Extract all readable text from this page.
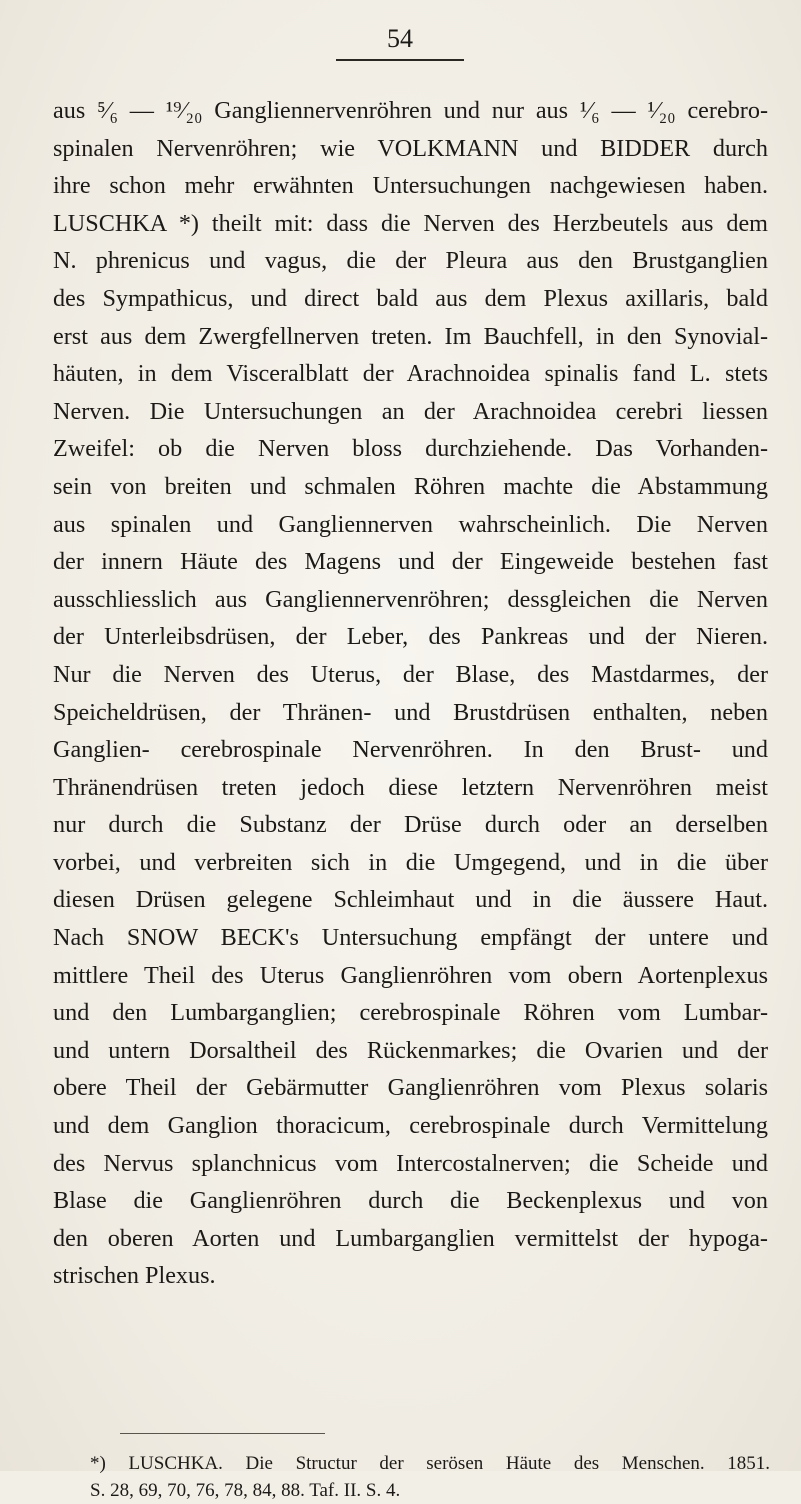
54
aus ⁵⁄₆ — ¹⁹⁄₂₀ Gangliennervenröhren und nur aus ¹⁄₆ — ¹⁄₂₀ cerebro-
spinalen Nervenröhren; wie VOLKMANN und BIDDER durch
ihre schon mehr erwähnten Untersuchungen nachgewiesen haben.
LUSCHKA *) theilt mit: dass die Nerven des Herzbeutels aus dem
N. phrenicus und vagus, die der Pleura aus den Brustganglien
des Sympathicus, und direct bald aus dem Plexus axillaris, bald
erst aus dem Zwergfellnerven treten. Im Bauchfell, in den Synovial-
häuten, in dem Visceralblatt der Arachnoidea spinalis fand L. stets
Nerven. Die Untersuchungen an der Arachnoidea cerebri liessen
Zweifel: ob die Nerven bloss durchziehende. Das Vorhanden-
sein von breiten und schmalen Röhren machte die Abstammung
aus spinalen und Gangliennerven wahrscheinlich. Die Nerven
der innern Häute des Magens und der Eingeweide bestehen fast
ausschliesslich aus Gangliennervenröhren; dessgleichen die Nerven
der Unterleibsdrüsen, der Leber, des Pankreas und der Nieren.
Nur die Nerven des Uterus, der Blase, des Mastdarmes, der
Speicheldrüsen, der Thränen- und Brustdrüsen enthalten, neben
Ganglien- cerebrospinale Nervenröhren. In den Brust- und
Thränendrüsen treten jedoch diese letztern Nervenröhren meist
nur durch die Substanz der Drüse durch oder an derselben
vorbei, und verbreiten sich in die Umgegend, und in die über
diesen Drüsen gelegene Schleimhaut und in die äussere Haut.
Nach SNOW BECK's Untersuchung empfängt der untere und
mittlere Theil des Uterus Ganglienröhren vom obern Aortenplexus
und den Lumbarganglien; cerebrospinale Röhren vom Lumbar-
und untern Dorsaltheil des Rückenmarkes; die Ovarien und der
obere Theil der Gebärmutter Ganglienröhren vom Plexus solaris
und dem Ganglion thoracicum, cerebrospinale durch Vermittelung
des Nervus splanchnicus vom Intercostalnerven; die Scheide und
Blase die Ganglienröhren durch die Beckenplexus und von
den oberen Aorten und Lumbarganglien vermittelst der hypoga-
strischen Plexus.
*) LUSCHKA. Die Structur der serösen Häute des Menschen. 1851.
S. 28, 69, 70, 76, 78, 84, 88. Taf. II. S. 4.
